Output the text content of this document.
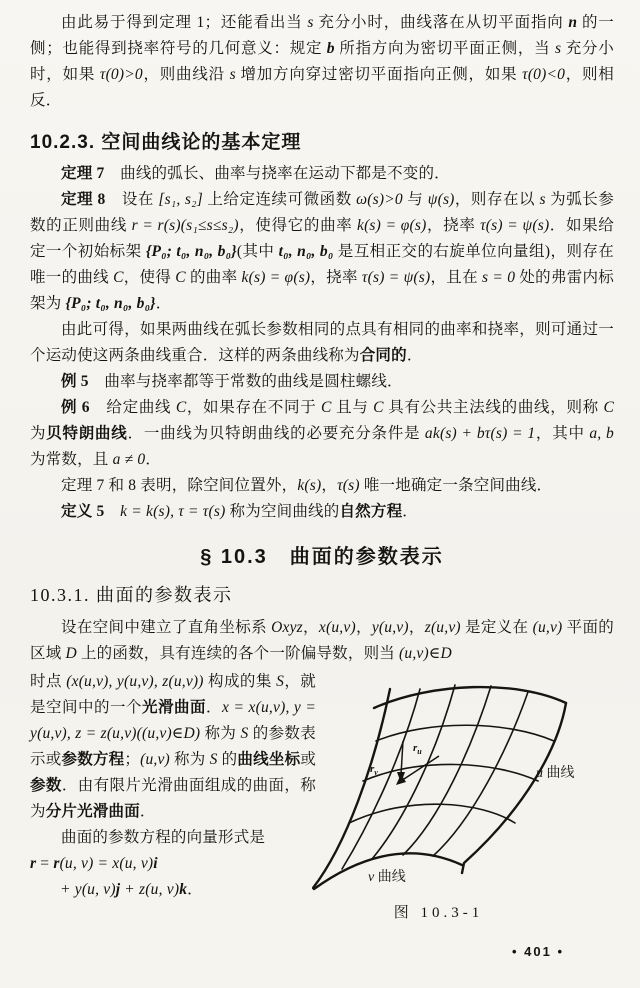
由此易于得到定理 1；还能看出当 s 充分小时，曲线落在从切平面指向 n 的一侧；也能得到挠率符号的几何意义：规定 b 所指方向为密切平面正侧，当 s 充分小时，如果 τ(0)>0，则曲线沿 s 增加方向穿过密切平面指向正侧，如果 τ(0)<0，则相反．

10.2.3. 空间曲线论的基本定理

定理 7　曲线的弧长、曲率与挠率在运动下都是不变的．

定理 8　设在 [s₁, s₂] 上给定连续可微函数 ω(s)>0 与 ψ(s)，则存在以 s 为弧长参数的正则曲线 r = r(s)(s₁≤s≤s₂)，使得它的曲率 k(s) = φ(s)，挠率 τ(s) = ψ(s)．如果给定一个初始标架 {P₀; t₀, n₀, b₀}(其中 t₀, n₀, b₀ 是互相正交的右旋单位向量组)，则存在唯一的曲线 C，使得 C 的曲率 k(s) = φ(s)，挠率 τ(s) = ψ(s)，且在 s = 0 处的弗雷内标架为 {P₀; t₀, n₀, b₀}．

由此可得，如果两曲线在弧长参数相同的点具有相同的曲率和挠率，则可通过一个运动使这两条曲线重合．这样的两条曲线称为合同的．

例 5　曲率与挠率都等于常数的曲线是圆柱螺线．

例 6　给定曲线 C，如果存在不同于 C 且与 C 具有公共主法线的曲线，则称 C 为贝特朗曲线．一曲线为贝特朗曲线的必要充分条件是 ak(s) + bτ(s) = 1，其中 a, b 为常数，且 a ≠ 0．

定理 7 和 8 表明，除空间位置外，k(s)，τ(s) 唯一地确定一条空间曲线．

定义 5　 k = k(s), τ = τ(s) 称为空间曲线的自然方程．

§ 10.3  曲面的参数表示
10.3.1. 曲面的参数表示

设在空间中建立了直角坐标系 Oxyz，x(u,v)，y(u,v)，z(u,v) 是定义在 (u,v) 平面的区域 D 上的函数，具有连续的各个一阶偏导数，则当 (u,v)∈D

时点 (x(u,v), y(u,v), z(u,v)) 构成的集 S，就是空间中的一个光滑曲面．x = x(u,v), y = y(u,v), z = z(u,v)((u,v)∈D) 称为 S 的参数表示或参数方程；(u,v) 称为 S 的曲线坐标或参数．由有限片光滑曲面组成的曲面，称为分片光滑曲面．

曲面的参数方程的向量形式是

r = r(u, v) = x(u, v)i

+ y(u, v)j + z(u, v)k．

$r_v$
$r_u$
u 曲线
v 曲线
图 10.3-1
• 401 •
